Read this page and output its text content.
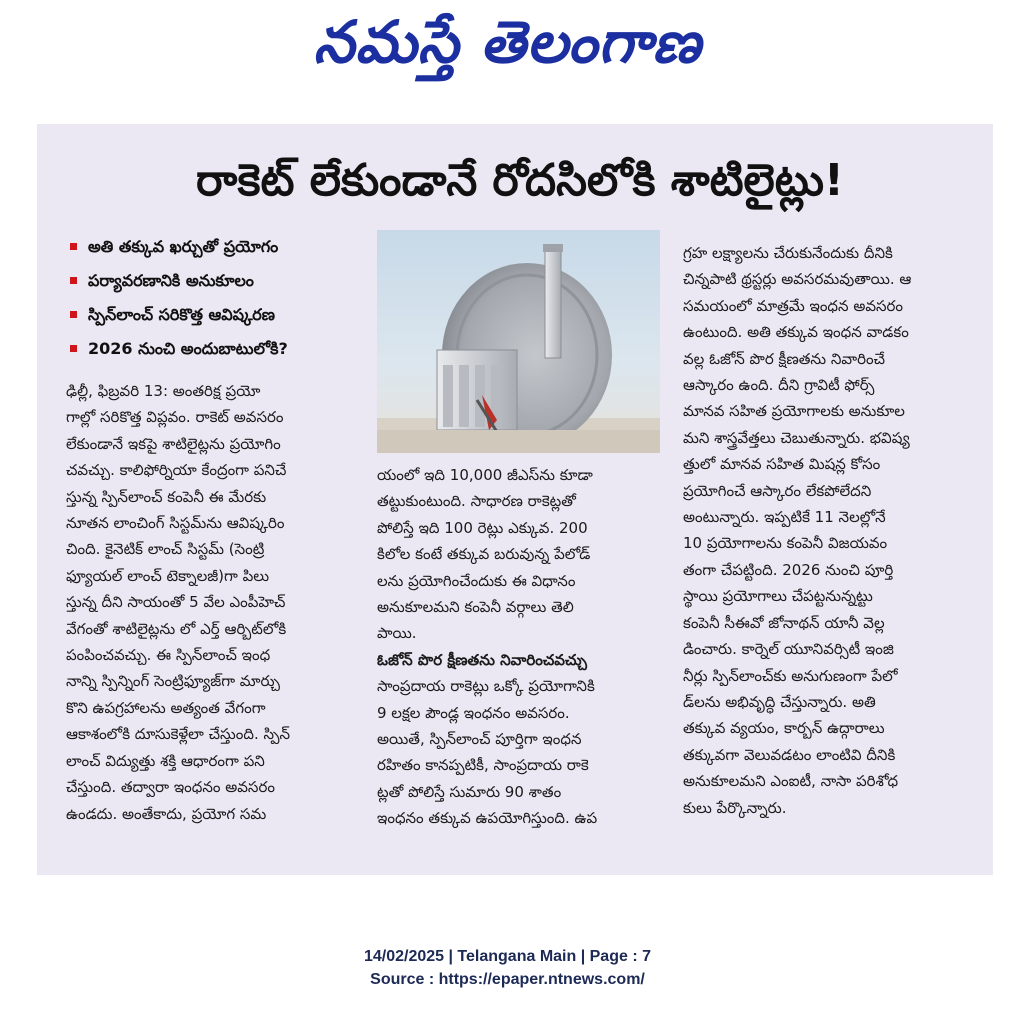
నమస్తే తెలంగాణ
రాకెట్ లేకుండానే రోదసిలోకి శాటిలైట్లు!
అతి తక్కువ ఖర్చుతో ప్రయోగం
పర్యావరణానికి అనుకూలం
స్పిన్‌లాంచ్ సరికొత్త ఆవిష్కరణ
2026 నుంచి అందుబాటులోకి?

ఢిల్లీ, ఫిబ్రవరి 13: అంతరిక్ష ప్రయో

గాల్లో సరికొత్త విప్లవం. రాకెట్ అవసరం

లేకుండానే ఇకపై శాటిలైట్లను ప్రయోగిం

చవచ్చు. కాలిఫోర్నియా కేంద్రంగా పనిచే

స్తున్న స్పిన్‌లాంచ్ కంపెనీ ఈ మేరకు

నూతన లాంచింగ్ సిస్టమ్‌ను ఆవిష్కరిం

చింది. కైనెటిక్ లాంచ్ సిస్టమ్ (సెంట్రి

ఫ్యూయల్ లాంచ్ టెక్నాలజీ)గా పిలు

స్తున్న దీని సాయంతో 5 వేల ఎంపీహెచ్

వేగంతో శాటిలైట్లను లో ఎర్త్ ఆర్బిట్‌లోకి

పంపించవచ్చు. ఈ స్పిన్‌లాంచ్ ఇంధ

నాన్ని స్పిన్నింగ్ సెంట్రిఫ్యూజ్‌గా మార్చు

కొని ఉపగ్రహాలను అత్యంత వేగంగా

ఆకాశంలోకి దూసుకెళ్లేలా చేస్తుంది. స్పిన్

లాంచ్ విద్యుత్తు శక్తి ఆధారంగా పని

చేస్తుంది. తద్వారా ఇంధనం అవసరం

ఉండదు. అంతేకాదు, ప్రయోగ సమ

యంలో ఇది 10,000 జీఎస్‌ను కూడా

తట్టుకుంటుంది. సాధారణ రాకెట్లతో

పోలిస్తే ఇది 100 రెట్లు ఎక్కువ. 200

కిలోల కంటే తక్కువ బరువున్న పేలోడ్

లను ప్రయోగించేందుకు ఈ విధానం

అనుకూలమని కంపెనీ వర్గాలు తెలి

పాయి.

ఓజోన్ పొర క్షీణతను నివారించవచ్చు

సాంప్రదాయ రాకెట్లు ఒక్కో ప్రయోగానికి

9 లక్షల పౌండ్ల ఇంధనం అవసరం.

అయితే, స్పిన్‌లాంచ్ పూర్తిగా ఇంధన

రహితం కానప్పటికీ, సాంప్రదాయ రాకె

ట్లతో పోలిస్తే సుమారు 90 శాతం

ఇంధనం తక్కువ ఉపయోగిస్తుంది. ఉప

గ్రహ లక్ష్యాలను చేరుకునేందుకు దీనికి

చిన్నపాటి థ్రస్టర్లు అవసరమవుతాయి. ఆ

సమయంలో మాత్రమే ఇంధన అవసరం

ఉంటుంది. అతి తక్కువ ఇంధన వాడకం

వల్ల ఓజోన్ పొర క్షీణతను నివారించే

ఆస్కారం ఉంది. దీని గ్రావిటీ ఫోర్స్

మానవ సహిత ప్రయోగాలకు అనుకూల

మని శాస్త్రవేత్తలు చెబుతున్నారు. భవిష్య

త్తులో మానవ సహిత మిషన్ల కోసం

ప్రయోగించే ఆస్కారం లేకపోలేదని

అంటున్నారు. ఇప్పటికే 11 నెలల్లోనే

10 ప్రయోగాలను కంపెనీ విజయవం

తంగా చేపట్టింది. 2026 నుంచి పూర్తి

స్థాయి ప్రయోగాలు చేపట్టనున్నట్టు

కంపెనీ సీఈవో జోనాథన్ యానీ వెల్ల

డించారు. కార్నెల్ యూనివర్సిటీ ఇంజి

నీర్లు స్పిన్‌లాంచ్‌కు అనుగుణంగా పేలో

డ్‌లను అభివృద్ధి చేస్తున్నారు. అతి

తక్కువ వ్యయం, కార్బన్ ఉద్గారాలు

తక్కువగా వెలువడటం లాంటివి దీనికి

అనుకూలమని ఎంఐటీ, నాసా పరిశోధ

కులు పేర్కొన్నారు.

14/02/2025 | Telangana Main | Page : 7
Source : https://epaper.ntnews.com/
